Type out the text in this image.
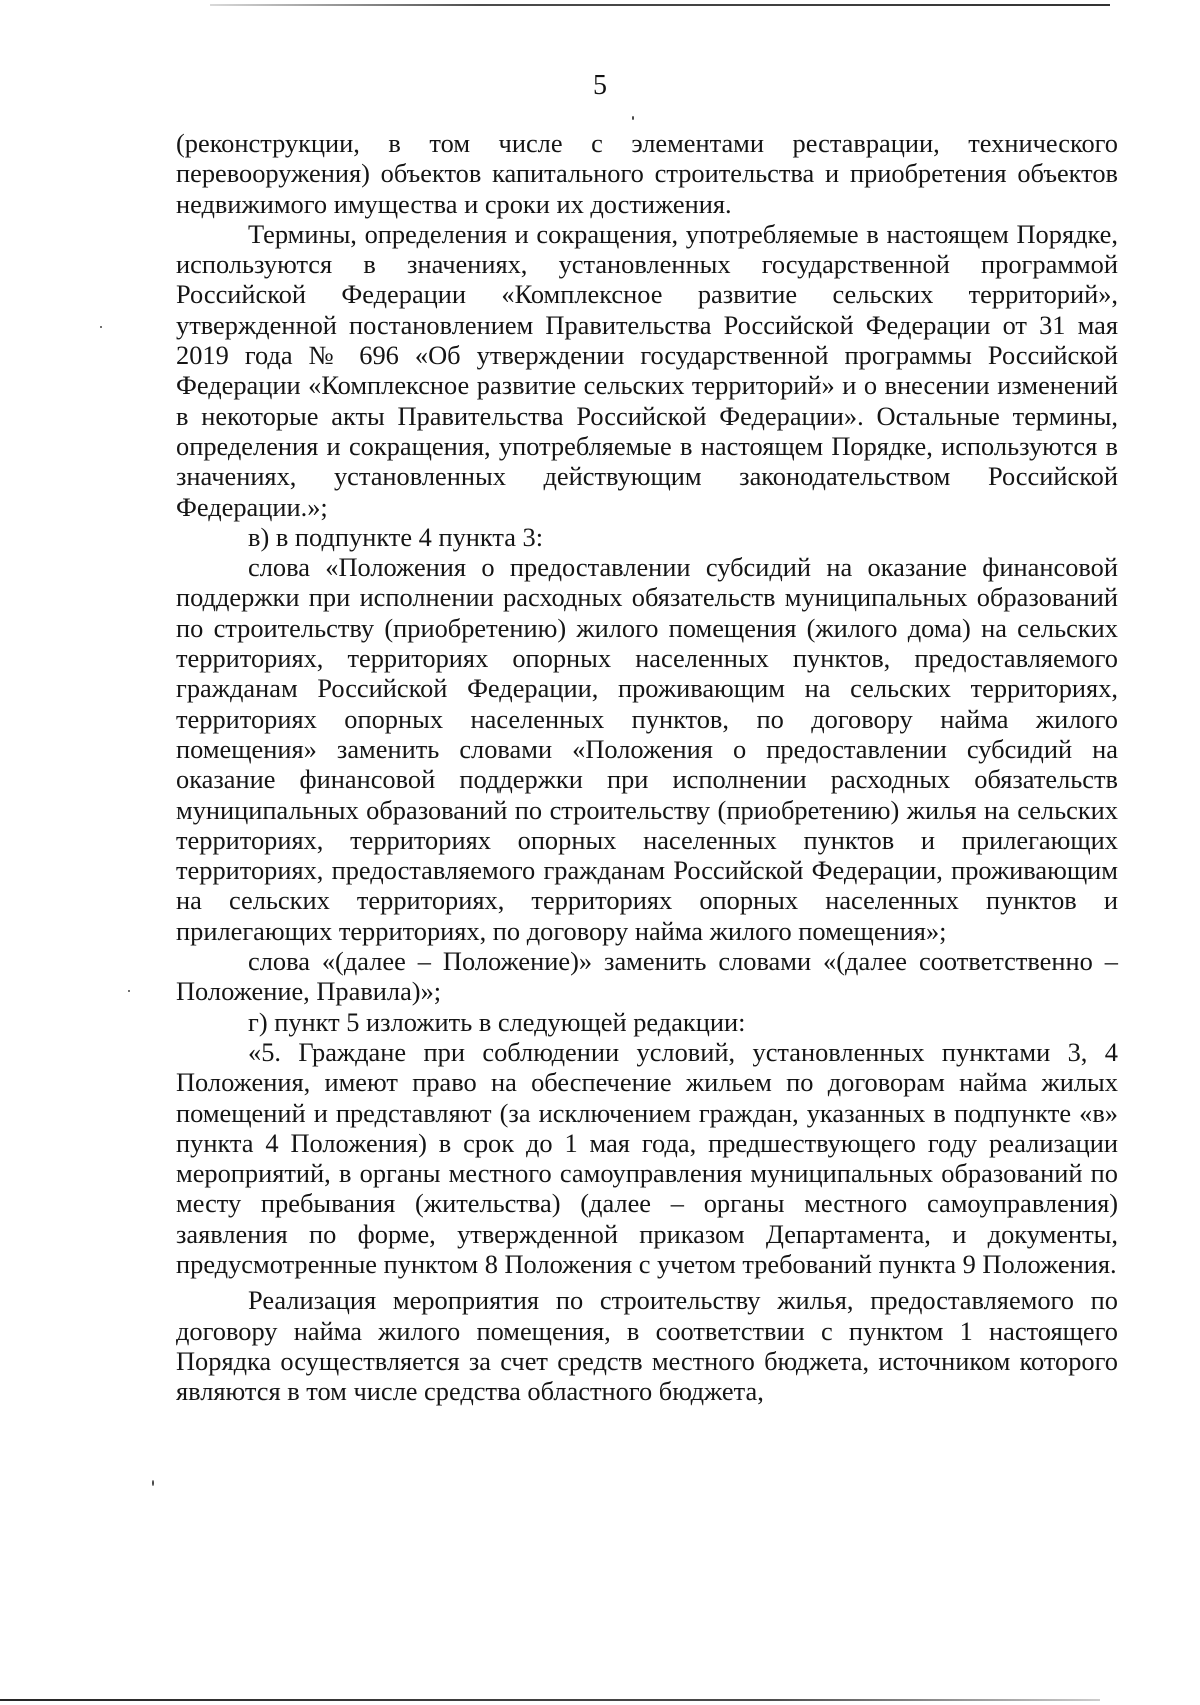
5

(реконструкции, в том числе с элементами реставрации, технического перевооружения) объектов капитального строительства и приобретения объектов недвижимого имущества и сроки их достижения.

Термины, определения и сокращения, употребляемые в настоящем Порядке, используются в значениях, установленных государственной программой Российской Федерации «Комплексное развитие сельских территорий», утвержденной постановлением Правительства Российской Федерации от 31 мая 2019 года № 696 «Об утверждении государственной программы Российской Федерации «Комплексное развитие сельских территорий» и о внесении изменений в некоторые акты Правительства Российской Федерации». Остальные термины, определения и сокращения, употребляемые в настоящем Порядке, используются в значениях, установленных действующим законодательством Российской Федерации.»;

в) в подпункте 4 пункта 3:

слова «Положения о предоставлении субсидий на оказание финансовой поддержки при исполнении расходных обязательств муниципальных образований по строительству (приобретению) жилого помещения (жилого дома) на сельских территориях, территориях опорных населенных пунктов, предоставляемого гражданам Российской Федерации, проживающим на сельских территориях, территориях опорных населенных пунктов, по договору найма жилого помещения» заменить словами «Положения о предоставлении субсидий на оказание финансовой поддержки при исполнении расходных обязательств муниципальных образований по строительству (приобретению) жилья на сельских территориях, территориях опорных населенных пунктов и прилегающих территориях, предоставляемого гражданам Российской Федерации, проживающим на сельских территориях, территориях опорных населенных пунктов и прилегающих территориях, по договору найма жилого помещения»;

слова «(далее – Положение)» заменить словами «(далее соответственно – Положение, Правила)»;

г) пункт 5 изложить в следующей редакции:

«5. Граждане при соблюдении условий, установленных пунктами 3, 4 Положения, имеют право на обеспечение жильем по договорам найма жилых помещений и представляют (за исключением граждан, указанных в подпункте «в» пункта 4 Положения) в срок до 1 мая года, предшествующего году реализации мероприятий, в органы местного самоуправления муниципальных образований по месту пребывания (жительства) (далее – органы местного самоуправления) заявления по форме, утвержденной приказом Департамента, и документы, предусмотренные пунктом 8 Положения с учетом требований пункта 9 Положения.

Реализация мероприятия по строительству жилья, предоставляемого по договору найма жилого помещения, в соответствии с пунктом 1 настоящего Порядка осуществляется за счет средств местного бюджета, источником которого являются в том числе средства областного бюджета,
